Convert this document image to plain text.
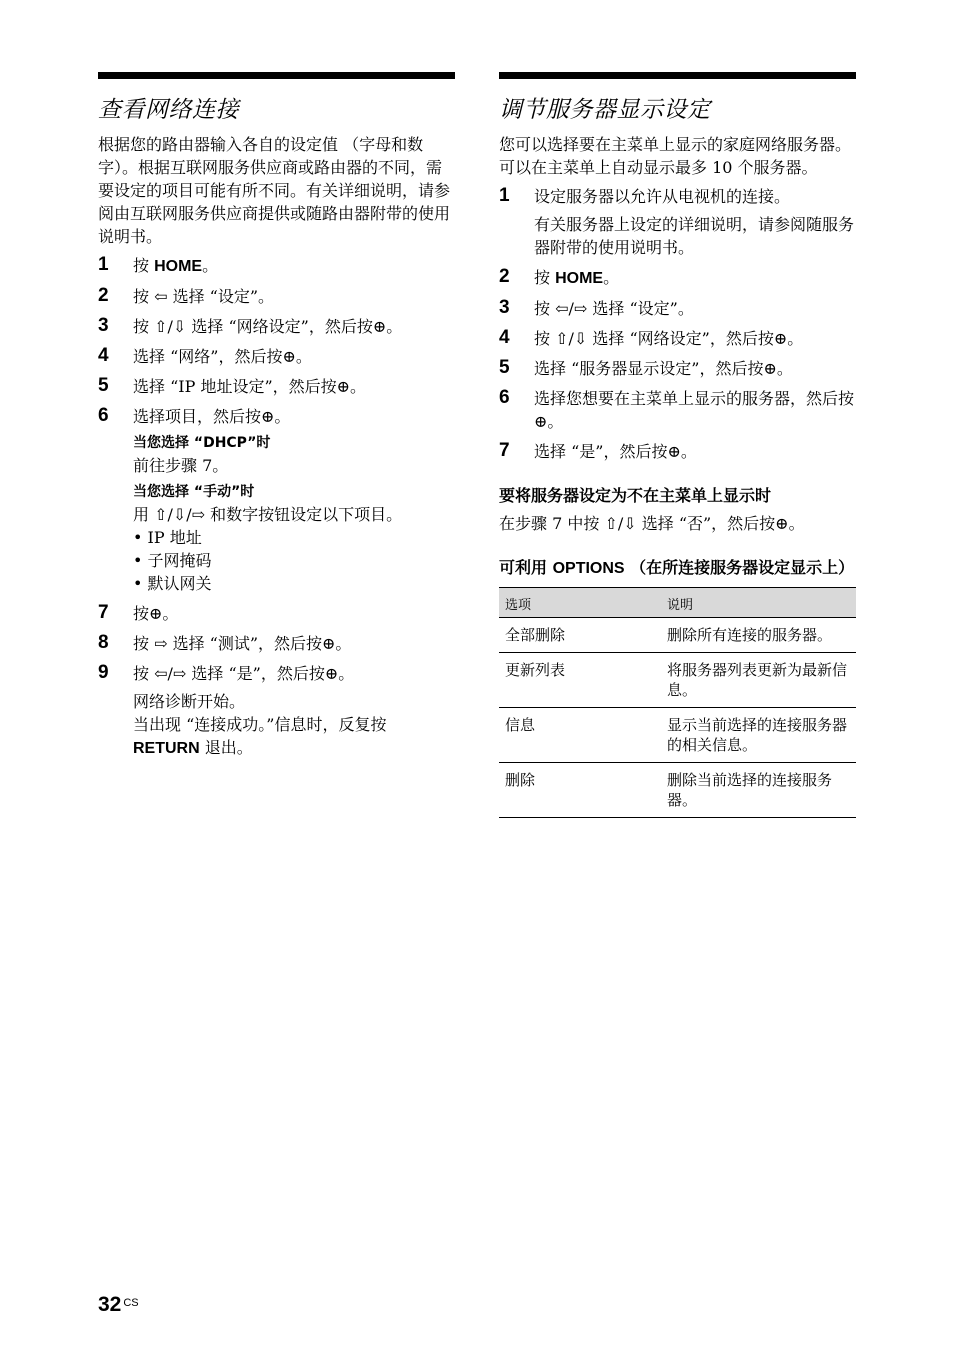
查看网络连接

根据您的路由器输入各自的设定值 （字母和数字）。根据互联网服务供应商或路由器的不同，需要设定的项目可能有所不同。有关详细说明，请参阅由互联网服务供应商提供或随路由器附带的使用说明书。

1 按 HOME。
2 按 ⇦ 选择 “设定”。
3 按 ⇧/⇩ 选择 “网络设定”，然后按⊕。
4 选择 “网络”，然后按⊕。
5 选择 “IP 地址设定”，然后按⊕。
6 选择项目，然后按⊕。
当您选择 “DHCP”时
前往步骤 7。
当您选择 “手动”时
用 ⇧/⇩/⇨ 和数字按钮设定以下项目。
• IP 地址
• 子网掩码
• 默认网关
7 按⊕。
8 按 ⇨ 选择 “测试”，然后按⊕。
9 按 ⇦/⇨ 选择 “是”，然后按⊕。
网络诊断开始。
当出现 “连接成功。”信息时，反复按 RETURN 退出。
调节服务器显示设定

您可以选择要在主菜单上显示的家庭网络服务器。可以在主菜单上自动显示最多 10 个服务器。

1 设定服务器以允许从电视机的连接。
有关服务器上设定的详细说明，请参阅随服务器附带的使用说明书。
2 按 HOME。
3 按 ⇦/⇨ 选择 “设定”。
4 按 ⇧/⇩ 选择 “网络设定”，然后按⊕。
5 选择 “服务器显示设定”，然后按⊕。
6 选择您想要在主菜单上显示的服务器，然后按⊕。
7 选择 “是”，然后按⊕。
要将服务器设定为不在主菜单上显示时

在步骤 7 中按 ⇧/⇩ 选择 “否”，然后按⊕。

可利用 OPTIONS （在所连接服务器设定显示上）
选项	说明
全部删除	删除所有连接的服务器。
更新列表	将服务器列表更新为最新信息。
信息	显示当前选择的连接服务器的相关信息。
删除	删除当前选择的连接服务器。
32 $^{CS}$
